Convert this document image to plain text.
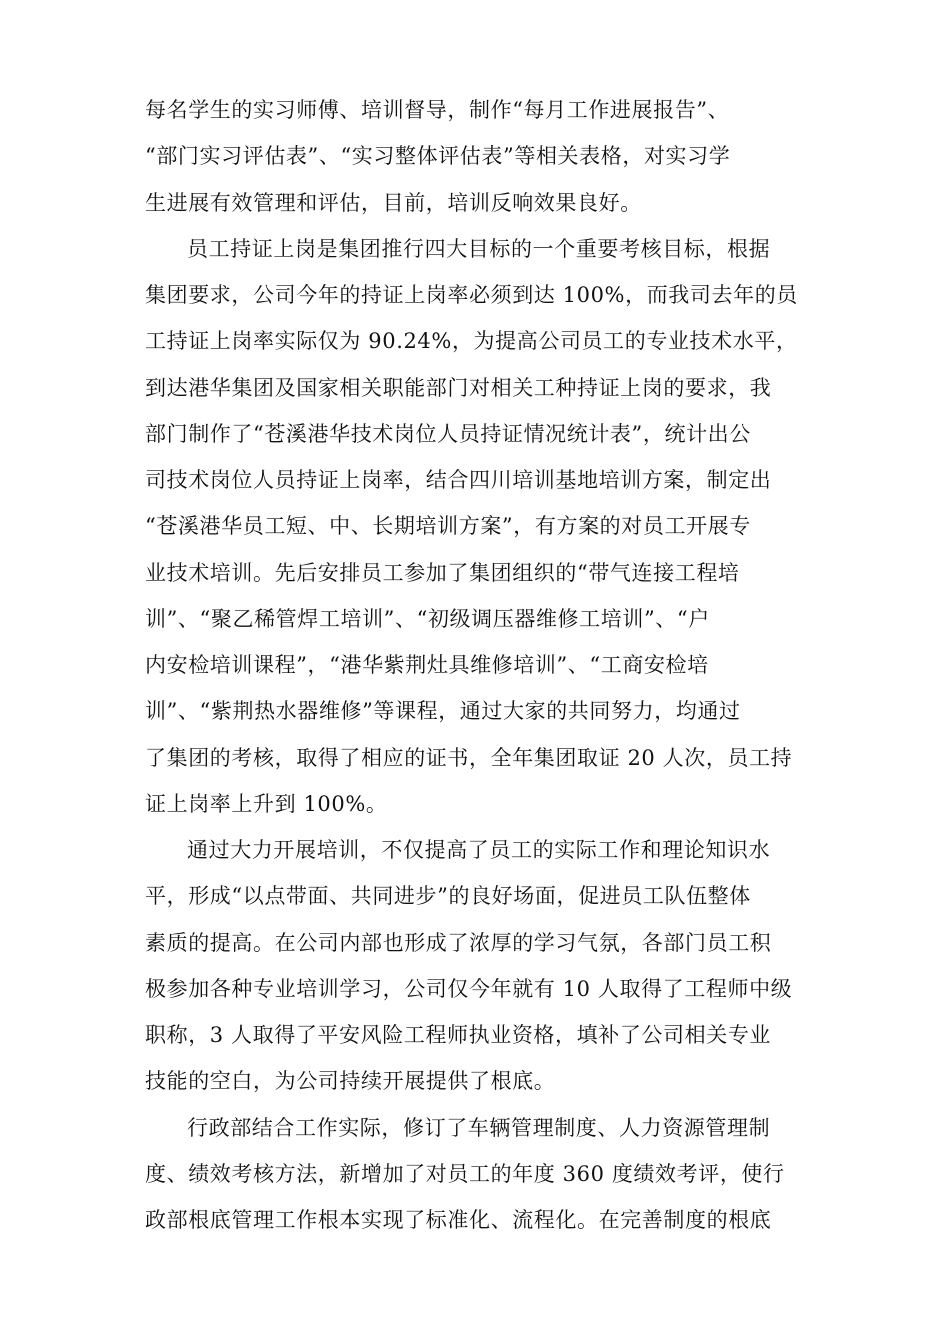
每名学生的实习师傅、培训督导，制作“每月工作进展报告”、
“部门实习评估表”、“实习整体评估表”等相关表格，对实习学
生进展有效管理和评估，目前，培训反响效果良好。
员工持证上岗是集团推行四大目标的一个重要考核目标，根据
集团要求，公司今年的持证上岗率必须到达 100%，而我司去年的员
工持证上岗率实际仅为 90.24%，为提高公司员工的专业技术水平，
到达港华集团及国家相关职能部门对相关工种持证上岗的要求，我
部门制作了“苍溪港华技术岗位人员持证情况统计表”，统计出公
司技术岗位人员持证上岗率，结合四川培训基地培训方案，制定出
“苍溪港华员工短、中、长期培训方案”，有方案的对员工开展专
业技术培训。先后安排员工参加了集团组织的“带气连接工程培
训”、“聚乙稀管焊工培训”、“初级调压器维修工培训”、“户
内安检培训课程”，“港华紫荆灶具维修培训”、“工商安检培
训”、“紫荆热水器维修”等课程，通过大家的共同努力，均通过
了集团的考核，取得了相应的证书，全年集团取证 20 人次，员工持
证上岗率上升到 100%。
通过大力开展培训，不仅提高了员工的实际工作和理论知识水
平，形成“以点带面、共同进步”的良好场面，促进员工队伍整体
素质的提高。在公司内部也形成了浓厚的学习气氛，各部门员工积
极参加各种专业培训学习，公司仅今年就有 10 人取得了工程师中级
职称，3 人取得了平安风险工程师执业资格，填补了公司相关专业
技能的空白，为公司持续开展提供了根底。
行政部结合工作实际，修订了车辆管理制度、人力资源管理制
度、绩效考核方法，新增加了对员工的年度 360 度绩效考评，使行
政部根底管理工作根本实现了标准化、流程化。在完善制度的根底
